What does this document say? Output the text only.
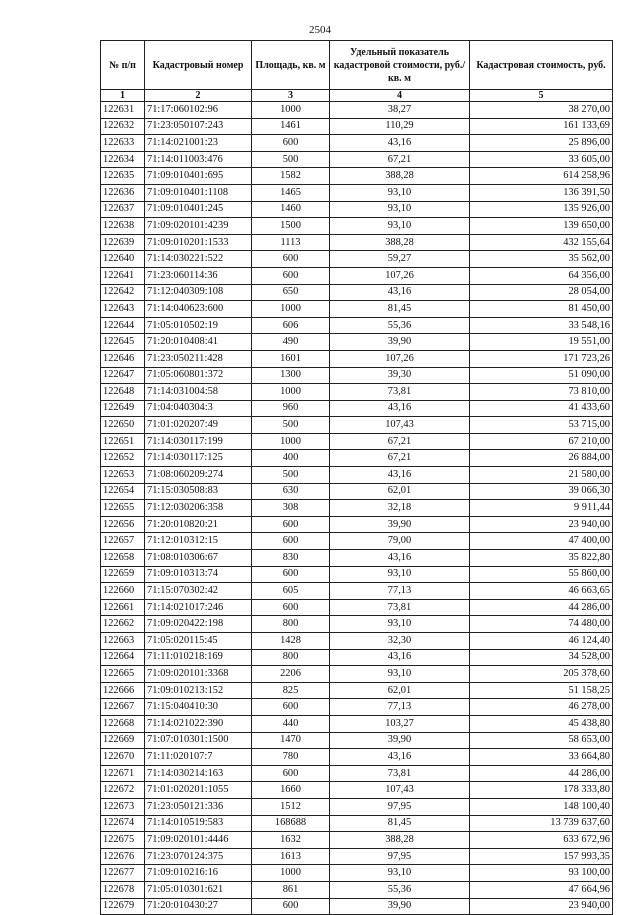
2504
№ п/п	Кадастровый номер	Площадь, кв. м	Удельный показатель кадастровой стоимости, руб./кв. м	Кадастровая стоимость, руб.
1	2	3	4	5
122631	71:17:060102:96	1000	38,27	38 270,00
122632	71:23:050107:243	1461	110,29	161 133,69
122633	71:14:021001:23	600	43,16	25 896,00
122634	71:14:011003:476	500	67,21	33 605,00
122635	71:09:010401:695	1582	388,28	614 258,96
122636	71:09:010401:1108	1465	93,10	136 391,50
122637	71:09:010401:245	1460	93,10	135 926,00
122638	71:09:020101:4239	1500	93,10	139 650,00
122639	71:09:010201:1533	1113	388,28	432 155,64
122640	71:14:030221:522	600	59,27	35 562,00
122641	71:23:060114:36	600	107,26	64 356,00
122642	71:12:040309:108	650	43,16	28 054,00
122643	71:14:040623:600	1000	81,45	81 450,00
122644	71:05:010502:19	606	55,36	33 548,16
122645	71:20:010408:41	490	39,90	19 551,00
122646	71:23:050211:428	1601	107,26	171 723,26
122647	71:05:060801:372	1300	39,30	51 090,00
122648	71:14:031004:58	1000	73,81	73 810,00
122649	71:04:040304:3	960	43,16	41 433,60
122650	71:01:020207:49	500	107,43	53 715,00
122651	71:14:030117:199	1000	67,21	67 210,00
122652	71:14:030117:125	400	67,21	26 884,00
122653	71:08:060209:274	500	43,16	21 580,00
122654	71:15:030508:83	630	62,01	39 066,30
122655	71:12:030206:358	308	32,18	9 911,44
122656	71:20:010820:21	600	39,90	23 940,00
122657	71:12:010312:15	600	79,00	47 400,00
122658	71:08:010306:67	830	43,16	35 822,80
122659	71:09:010313:74	600	93,10	55 860,00
122660	71:15:070302:42	605	77,13	46 663,65
122661	71:14:021017:246	600	73,81	44 286,00
122662	71:09:020422:198	800	93,10	74 480,00
122663	71:05:020115:45	1428	32,30	46 124,40
122664	71:11:010218:169	800	43,16	34 528,00
122665	71:09:020101:3368	2206	93,10	205 378,60
122666	71:09:010213:152	825	62,01	51 158,25
122667	71:15:040410:30	600	77,13	46 278,00
122668	71:14:021022:390	440	103,27	45 438,80
122669	71:07:010301:1500	1470	39,90	58 653,00
122670	71:11:020107:7	780	43,16	33 664,80
122671	71:14:030214:163	600	73,81	44 286,00
122672	71:01:020201:1055	1660	107,43	178 333,80
122673	71:23:050121:336	1512	97,95	148 100,40
122674	71:14:010519:583	168688	81,45	13 739 637,60
122675	71:09:020101:4446	1632	388,28	633 672,96
122676	71:23:070124:375	1613	97,95	157 993,35
122677	71:09:010216:16	1000	93,10	93 100,00
122678	71:05:010301:621	861	55,36	47 664,96
122679	71:20:010430:27	600	39,90	23 940,00
